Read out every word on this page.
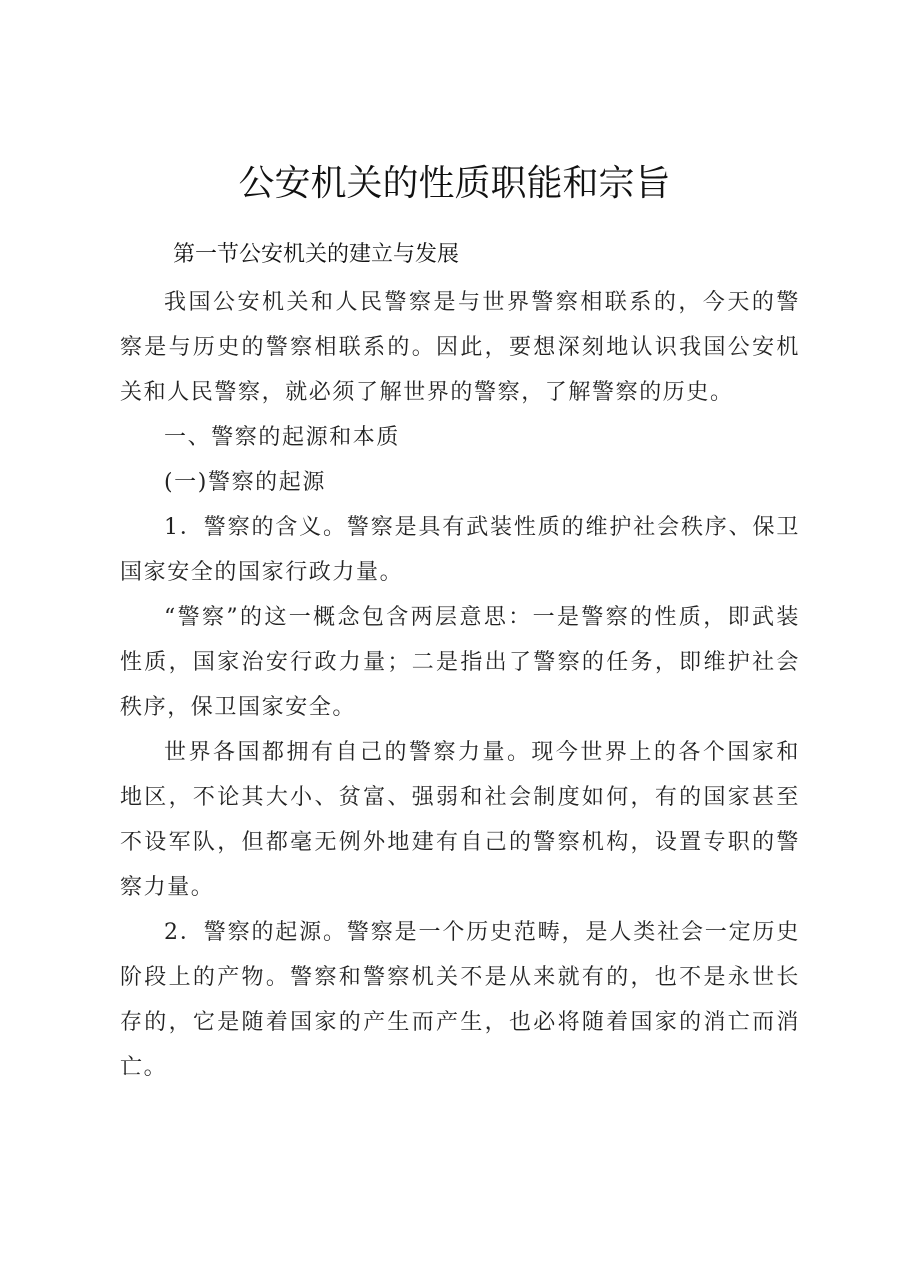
公安机关的性质职能和宗旨
第一节公安机关的建立与发展

我国公安机关和人民警察是与世界警察相联系的，今天的警察是与历史的警察相联系的。因此，要想深刻地认识我国公安机关和人民警察，就必须了解世界的警察，了解警察的历史。

一、警察的起源和本质

(一)警察的起源

1．警察的含义。警察是具有武装性质的维护社会秩序、保卫国家安全的国家行政力量。

“警察”的这一概念包含两层意思：一是警察的性质，即武装性质，国家治安行政力量；二是指出了警察的任务，即维护社会秩序，保卫国家安全。

世界各国都拥有自己的警察力量。现今世界上的各个国家和地区，不论其大小、贫富、强弱和社会制度如何，有的国家甚至不设军队，但都毫无例外地建有自己的警察机构，设置专职的警察力量。

2．警察的起源。警察是一个历史范畴，是人类社会一定历史阶段上的产物。警察和警察机关不是从来就有的，也不是永世长存的，它是随着国家的产生而产生，也必将随着国家的消亡而消亡。
